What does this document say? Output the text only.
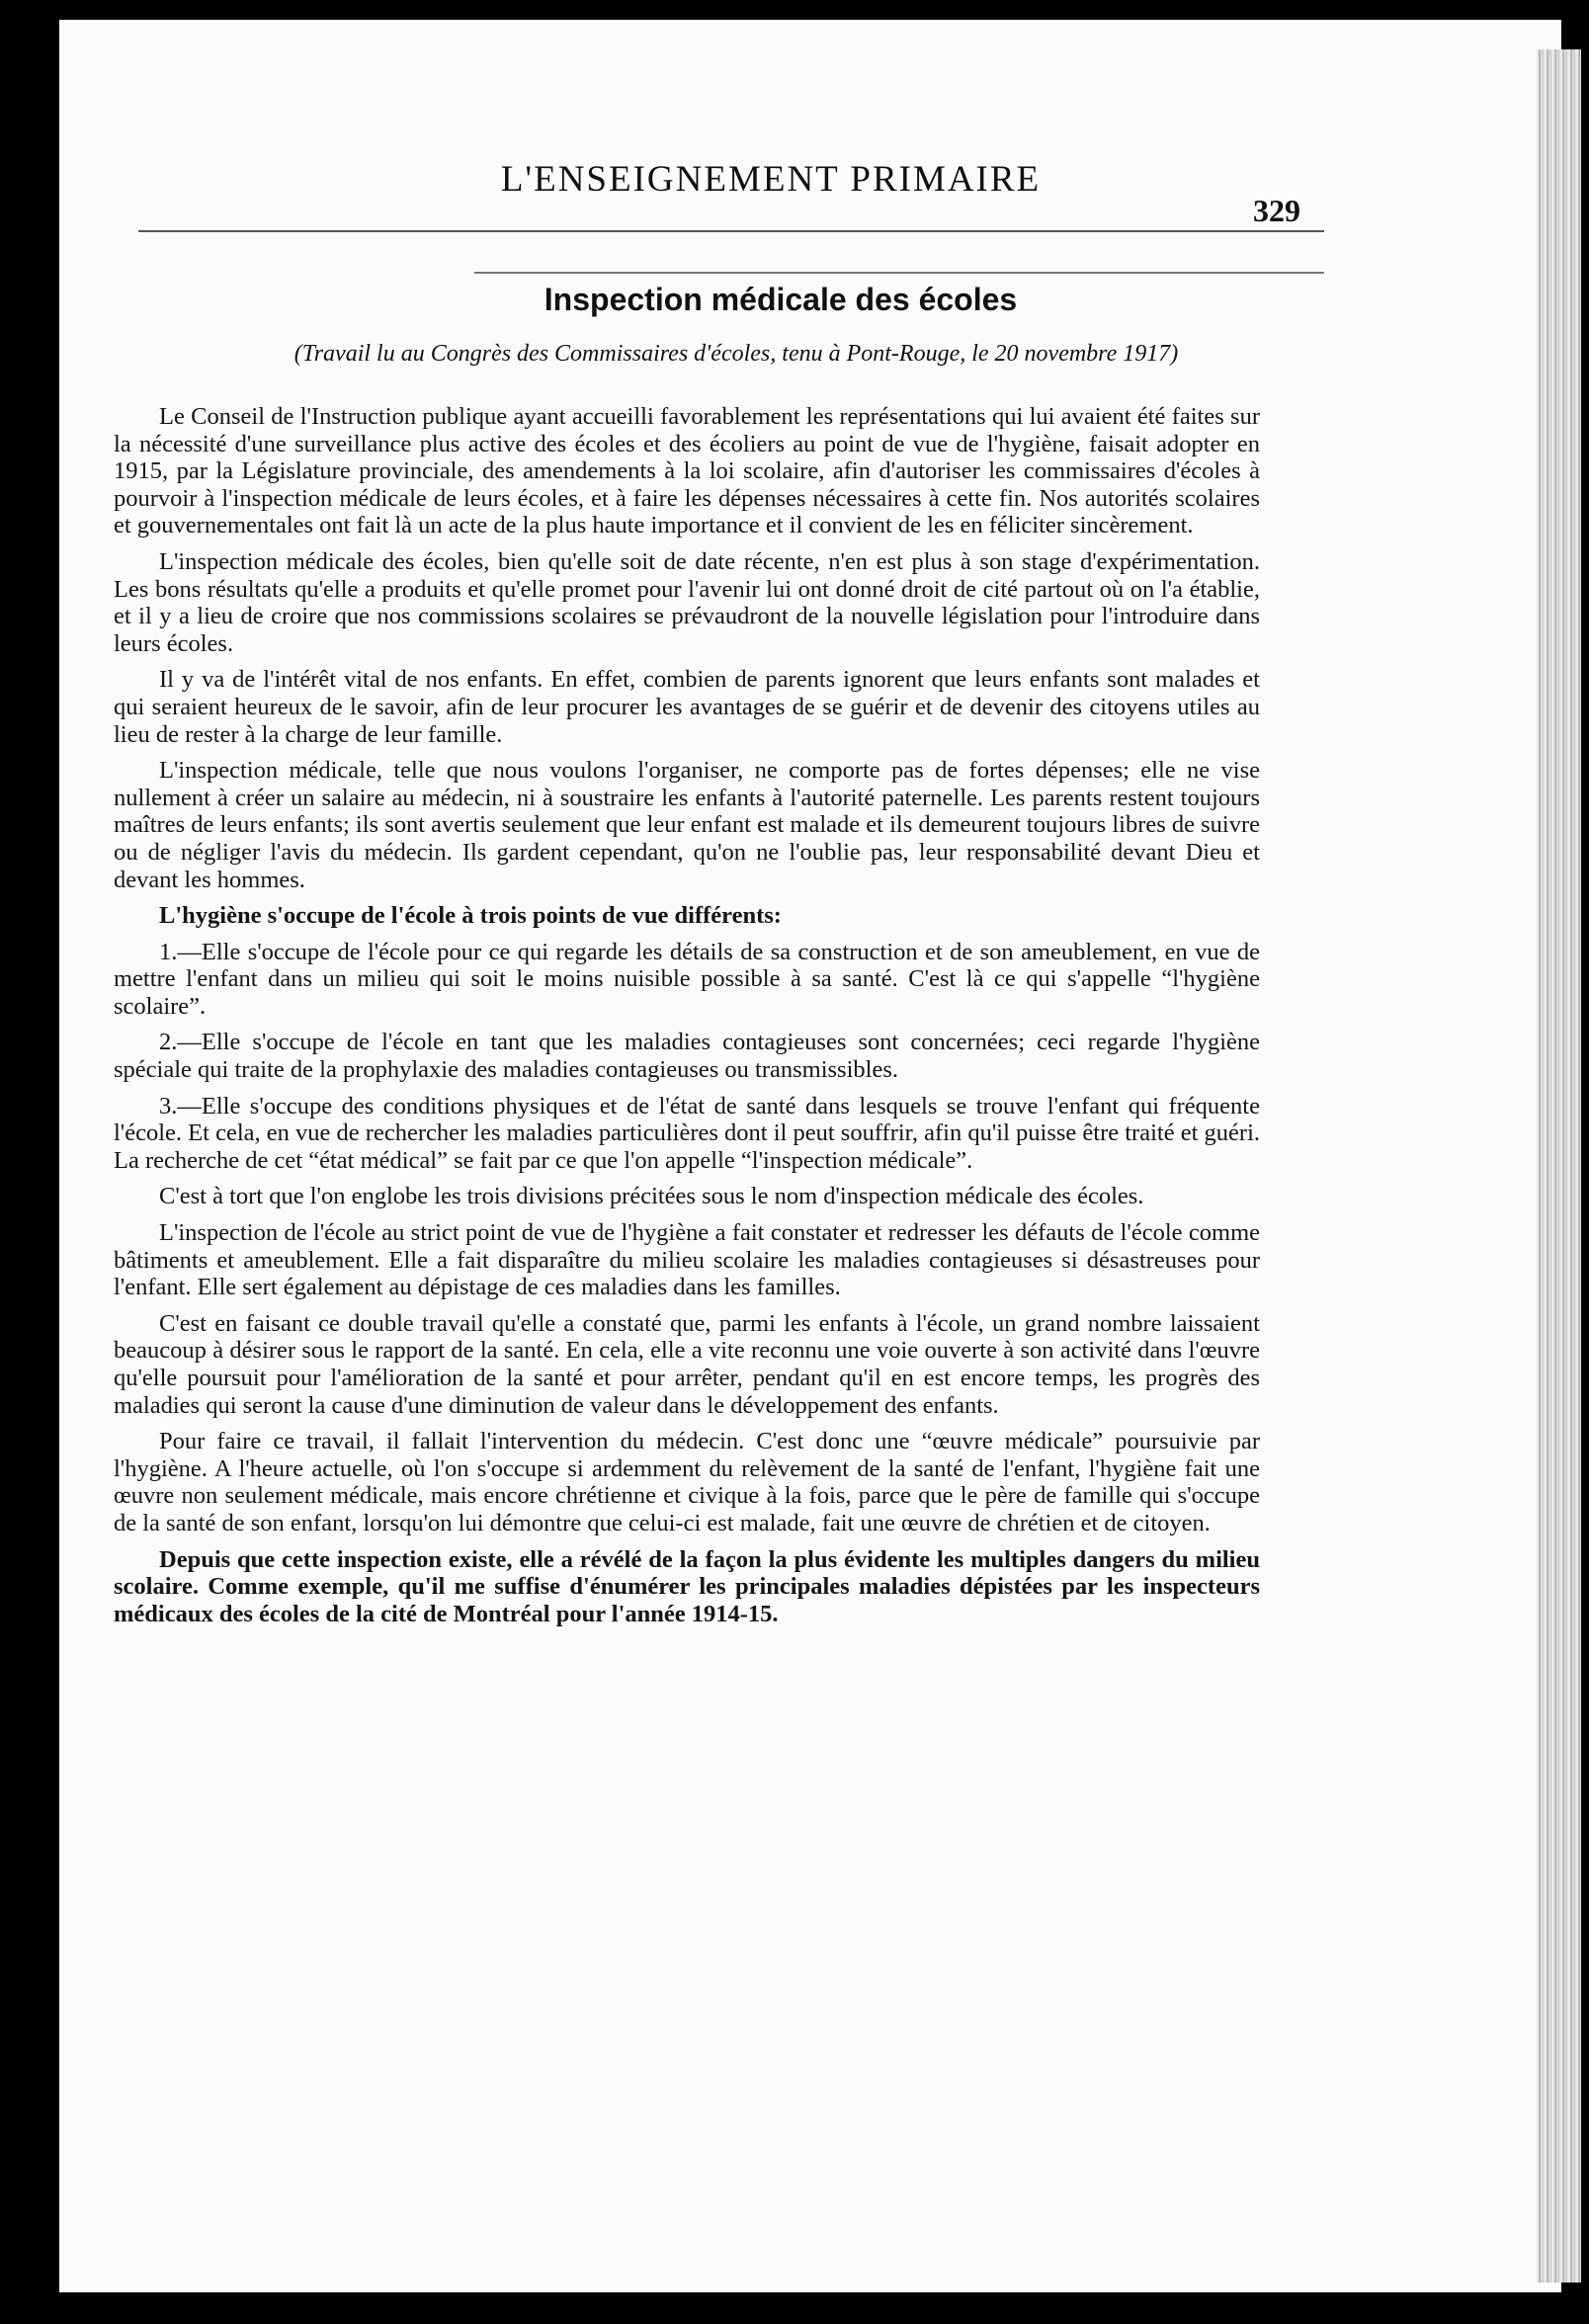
L'ENSEIGNEMENT PRIMAIRE
329
Inspection médicale des écoles
(Travail lu au Congrès des Commissaires d'écoles, tenu à Pont-Rouge, le 20 novembre 1917)

Le Conseil de l'Instruction publique ayant accueilli favorablement les représentations qui lui avaient été faites sur la nécessité d'une surveillance plus active des écoles et des écoliers au point de vue de l'hygiène, faisait adopter en 1915, par la Législature provinciale, des amendements à la loi scolaire, afin d'autoriser les commissaires d'écoles à pourvoir à l'inspection médicale de leurs écoles, et à faire les dépenses nécessaires à cette fin. Nos autorités scolaires et gouvernementales ont fait là un acte de la plus haute importance et il convient de les en féliciter sincèrement.

L'inspection médicale des écoles, bien qu'elle soit de date récente, n'en est plus à son stage d'expérimentation. Les bons résultats qu'elle a produits et qu'elle promet pour l'avenir lui ont donné droit de cité partout où on l'a établie, et il y a lieu de croire que nos commissions scolaires se prévaudront de la nouvelle législation pour l'introduire dans leurs écoles.

Il y va de l'intérêt vital de nos enfants. En effet, combien de parents ignorent que leurs enfants sont malades et qui seraient heureux de le savoir, afin de leur procurer les avantages de se guérir et de devenir des citoyens utiles au lieu de rester à la charge de leur famille.

L'inspection médicale, telle que nous voulons l'organiser, ne comporte pas de fortes dépenses; elle ne vise nullement à créer un salaire au médecin, ni à soustraire les enfants à l'autorité paternelle. Les parents restent toujours maîtres de leurs enfants; ils sont avertis seulement que leur enfant est malade et ils demeurent toujours libres de suivre ou de négliger l'avis du médecin. Ils gardent cependant, qu'on ne l'oublie pas, leur responsabilité devant Dieu et devant les hommes.

L'hygiène s'occupe de l'école à trois points de vue différents:

1.—Elle s'occupe de l'école pour ce qui regarde les détails de sa construction et de son ameublement, en vue de mettre l'enfant dans un milieu qui soit le moins nuisible possible à sa santé. C'est là ce qui s'appelle “l'hygiène scolaire”.

2.—Elle s'occupe de l'école en tant que les maladies contagieuses sont concernées; ceci regarde l'hygiène spéciale qui traite de la prophylaxie des maladies contagieuses ou transmissibles.

3.—Elle s'occupe des conditions physiques et de l'état de santé dans lesquels se trouve l'enfant qui fréquente l'école. Et cela, en vue de rechercher les maladies particulières dont il peut souffrir, afin qu'il puisse être traité et guéri. La recherche de cet “état médical” se fait par ce que l'on appelle “l'inspection médicale”.

C'est à tort que l'on englobe les trois divisions précitées sous le nom d'inspection médicale des écoles.

L'inspection de l'école au strict point de vue de l'hygiène a fait constater et redresser les défauts de l'école comme bâtiments et ameublement. Elle a fait disparaître du milieu scolaire les maladies contagieuses si désastreuses pour l'enfant. Elle sert également au dépistage de ces maladies dans les familles.

C'est en faisant ce double travail qu'elle a constaté que, parmi les enfants à l'école, un grand nombre laissaient beaucoup à désirer sous le rapport de la santé. En cela, elle a vite reconnu une voie ouverte à son activité dans l'œuvre qu'elle poursuit pour l'amélioration de la santé et pour arrêter, pendant qu'il en est encore temps, les progrès des maladies qui seront la cause d'une diminution de valeur dans le développement des enfants.

Pour faire ce travail, il fallait l'intervention du médecin. C'est donc une “œuvre médicale” poursuivie par l'hygiène. A l'heure actuelle, où l'on s'occupe si ardemment du relèvement de la santé de l'enfant, l'hygiène fait une œuvre non seulement médicale, mais encore chrétienne et civique à la fois, parce que le père de famille qui s'occupe de la santé de son enfant, lorsqu'on lui démontre que celui-ci est malade, fait une œuvre de chrétien et de citoyen.

Depuis que cette inspection existe, elle a révélé de la façon la plus évidente les multiples dangers du milieu scolaire. Comme exemple, qu'il me suffise d'énumérer les principales maladies dépistées par les inspecteurs médicaux des écoles de la cité de Montréal pour l'année 1914-15.
